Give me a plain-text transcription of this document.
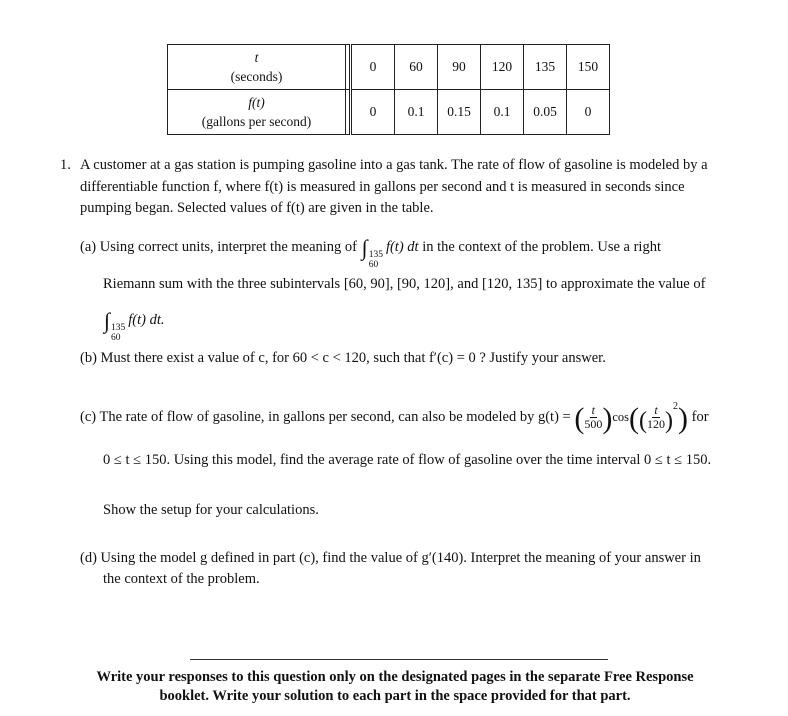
t
(seconds)		0	60	90	120	135	150

f(t)
(gallons per second)		0	0.1	0.15	0.1	0.05	0
1. A customer at a gas station is pumping gasoline into a gas tank. The rate of flow of gasoline is modeled by a
differentiable function f, where f(t) is measured in gallons per second and t is measured in seconds since
pumping began. Selected values of f(t) are given in the table.
(a) Using correct units, interpret the meaning of ∫ 135
60
f(t) dt in the context of the problem. Use a right
Riemann sum with the three subintervals [60, 90], [90, 120], and [120, 135] to approximate the value of
∫ 135
60
f(t) dt.
(b) Must there exist a value of c, for 60 < c < 120, such that f′(c) = 0 ? Justify your answer.
(c) The rate of flow of gasoline, in gallons per second, can also be modeled by g(t) = ( $\frac{t}{500} )\cos(( \frac{t}{120} )^2)$ for
0 ≤ t ≤ 150. Using this model, find the average rate of flow of gasoline over the time interval 0 ≤ t ≤ 150.
Show the setup for your calculations.
(d) Using the model g defined in part (c), find the value of g′(140). Interpret the meaning of your answer in
the context of the problem.
Write your responses to this question only on the designated pages in the separate Free Response
booklet. Write your solution to each part in the space provided for that part.
